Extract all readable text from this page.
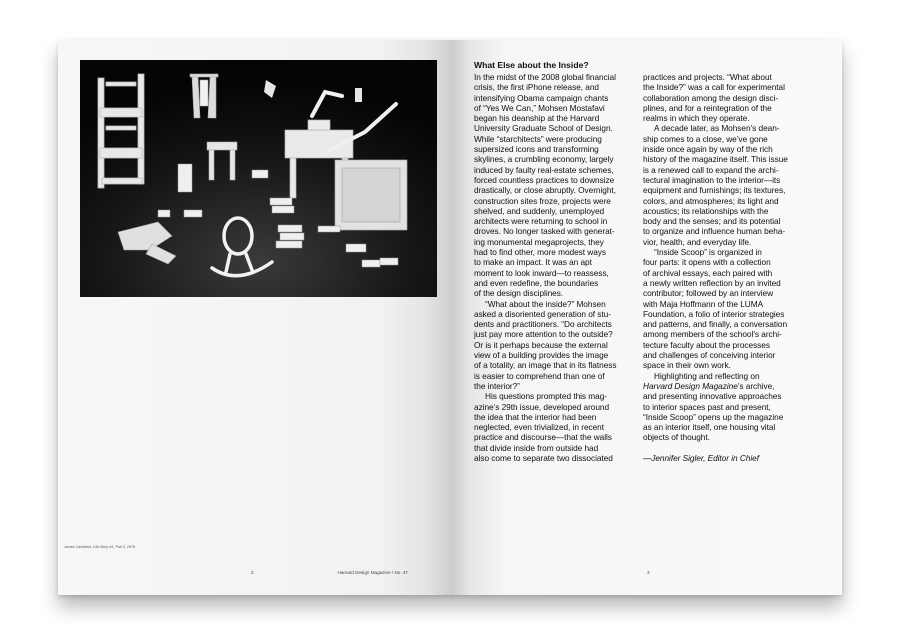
James Casebere, Life Story #1, Part 3, 1978.

2	Harvard Design Magazine / No. 47

What Else about the Inside?

In the midst of the 2008 global financial

crisis, the first iPhone release, and

intensifying Obama campaign chants

of “Yes We Can,” Mohsen Mostafavi

began his deanship at the Harvard

University Graduate School of Design.

While “starchitects” were producing

supersized icons and transforming

skylines, a crumbling economy, largely

induced by faulty real-estate schemes,

forced countless practices to downsize

drastically, or close abruptly. Overnight,

construction sites froze, projects were

shelved, and suddenly, unemployed

architects were returning to school in

droves. No longer tasked with generat-

ing monumental megaprojects, they

had to find other, more modest ways

to make an impact. It was an apt

moment to look inward—to reassess,

and even redefine, the boundaries

of the design disciplines.

“What about the inside?” Mohsen

asked a disoriented generation of stu-

dents and practitioners. “Do architects

just pay more attention to the outside?

Or is it perhaps because the external

view of a building provides the image

of a totality, an image that in its flatness

is easier to comprehend than one of

the interior?”

His questions prompted this mag-

azine’s 29th issue, developed around

the idea that the interior had been

neglected, even trivialized, in recent

practice and discourse—that the walls

that divide inside from outside had

also come to separate two dissociated

practices and projects. “What about

the Inside?” was a call for experimental

collaboration among the design disci-

plines, and for a reintegration of the

realms in which they operate.

A decade later, as Mohsen’s dean-

ship comes to a close, we’ve gone

inside once again by way of the rich

history of the magazine itself. This issue

is a renewed call to expand the archi-

tectural imagination to the interior—its

equipment and furnishings; its textures,

colors, and atmospheres; its light and

acoustics; its relationships with the

body and the senses; and its potential

to organize and influence human beha-

vior, health, and everyday life.

“Inside Scoop” is organized in

four parts: it opens with a collection

of archival essays, each paired with

a newly written reflection by an invited

contributor; followed by an interview

with Maja Hoffmann of the LUMA

Foundation, a folio of interior strategies

and patterns, and finally, a conversation

among members of the school’s archi-

tecture faculty about the processes

and challenges of conceiving interior

space in their own work.

Highlighting and reflecting on

Harvard Design Magazine’s archive,

and presenting innovative approaches

to interior spaces past and present,

“Inside Scoop” opens up the magazine

as an interior itself, one housing vital

objects of thought.

—Jennifer Sigler, Editor in Chief

3
